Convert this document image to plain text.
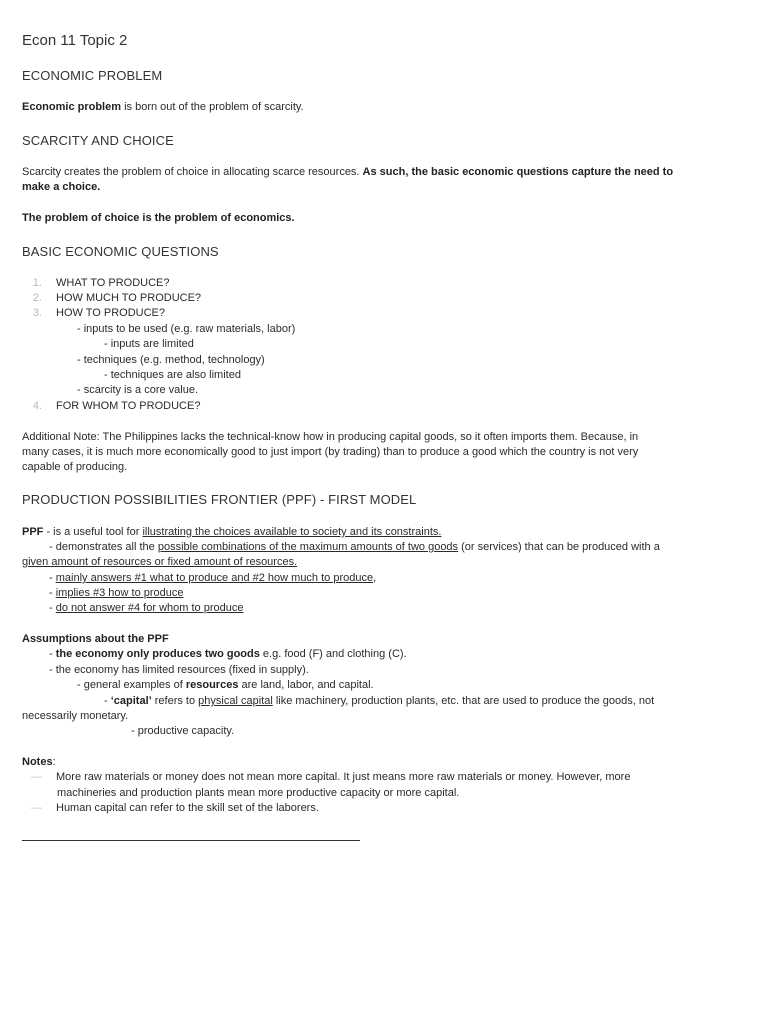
Econ 11 Topic 2
ECONOMIC PROBLEM
Economic problem is born out of the problem of scarcity.
SCARCITY AND CHOICE
Scarcity creates the problem of choice in allocating scarce resources. As such, the basic economic questions capture the need to
make a choice.
The problem of choice is the problem of economics.
BASIC ECONOMIC QUESTIONS
1. WHAT TO PRODUCE?
2. HOW MUCH TO PRODUCE?
3. HOW TO PRODUCE?
- inputs to be used (e.g. raw materials, labor)
- inputs are limited
- techniques (e.g. method, technology)
- techniques are also limited
- scarcity is a core value.
4. FOR WHOM TO PRODUCE?
Additional Note: The Philippines lacks the technical-know how in producing capital goods, so it often imports them. Because, in
many cases, it is much more economically good to just import (by trading) than to produce a good which the country is not very
capable of producing.
PRODUCTION POSSIBILITIES FRONTIER (PPF) - FIRST MODEL
PPF - is a useful tool for illustrating the choices available to society and its constraints.
- demonstrates all the possible combinations of the maximum amounts of two goods (or services) that can be produced with a
given amount of resources or fixed amount of resources.
- mainly answers #1 what to produce and #2 how much to produce,
- implies #3 how to produce
- do not answer #4 for whom to produce
Assumptions about the PPF
- the economy only produces two goods e.g. food (F) and clothing (C).
- the economy has limited resources (fixed in supply).
- general examples of resources are land, labor, and capital.
- ‘capital’ refers to physical capital like machinery, production plants, etc. that are used to produce the goods, not
necessarily monetary.
- productive capacity.
Notes:
— More raw materials or money does not mean more capital. It just means more raw materials or money. However, more
machineries and production plants mean more productive capacity or more capital.
— Human capital can refer to the skill set of the laborers.
